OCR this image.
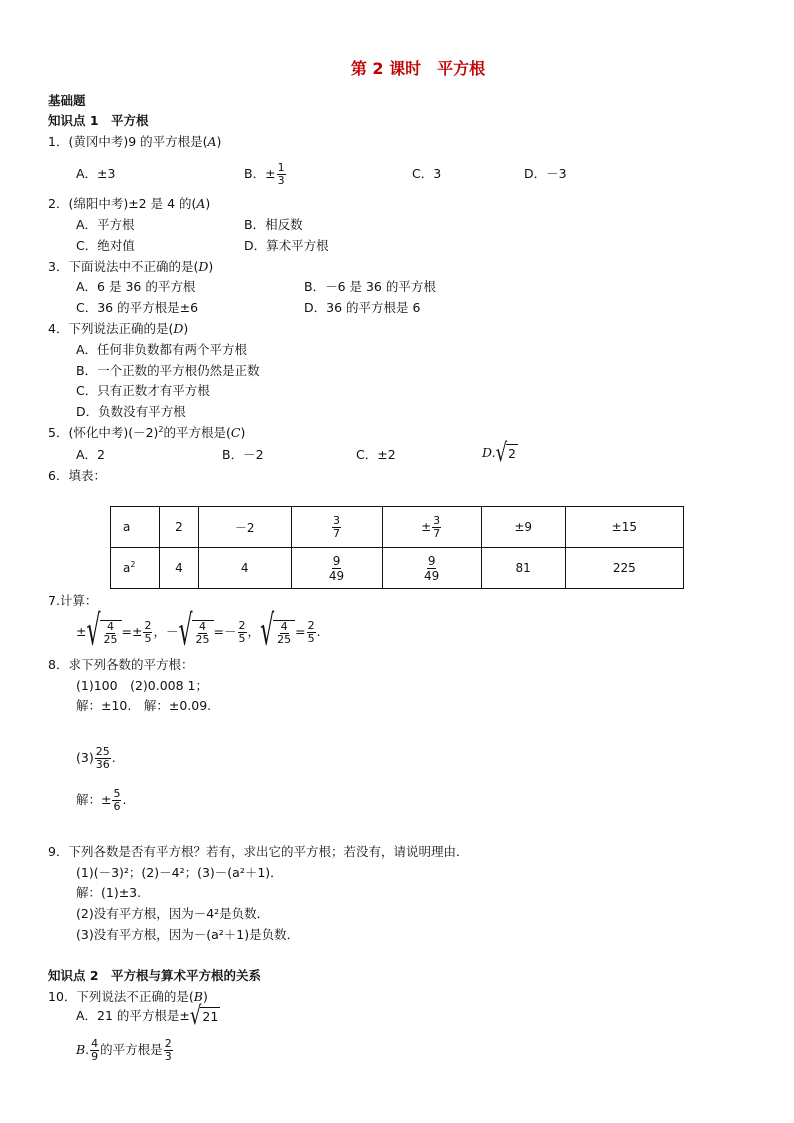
第 2 课时　平方根
基础题
知识点 1　平方根
1．(黄冈中考)9 的平方根是(A)
A．±3	B．± $\frac{1}{3}$	C．3	D．－3
2．(绵阳中考)±2 是 4 的(A)
A．平方根	B．相反数
C．绝对值	D．算术平方根
3．下面说法中不正确的是(D)
A．6 是 36 的平方根	B．－6 是 36 的平方根
C．36 的平方根是±6	D．36 的平方根是 6
4．下列说法正确的是(D)
A．任何非负数都有两个平方根
B．一个正数的平方根仍然是正数
C．只有正数才有平方根
D．负数没有平方根
5．(怀化中考)$(-2)^2$的平方根是(C)
A．2	B．－2	C．±2	D. √ 2
6．填表：
a	2	－2	$\frac{3}{7}$	± $\frac{3}{7}$	±9	±15
$a^2$	4	4	$\frac{9}{49}$	$\frac{9}{49}$	81	225
7.计算：
± √ $\frac{4}{25} =\pm \frac{2}{5}$ ，－ √ $\frac{4}{25} =- \frac{2}{5}$ ， √ $\frac{4}{25} = \frac{2}{5}$ .
8．求下列各数的平方根：
(1)100　(2)0.008 1；
解：±10.　解：±0.09.
$(3) \frac{25}{36}$ .
解：± $\frac{5}{6}$ .
9．下列各数是否有平方根？若有，求出它的平方根；若没有，请说明理由．
(1)(－3)²；(2)－4²；(3)－(a²＋1)．
解：(1)±3.
(2)没有平方根，因为－4²是负数．
(3)没有平方根，因为－(a²＋1)是负数．
知识点 2　平方根与算术平方根的关系
10．下列说法不正确的是(B)
A．21 的平方根是± √ 21
B. $\frac{4}{9}$ 的平方根是 $\frac{2}{3}$
